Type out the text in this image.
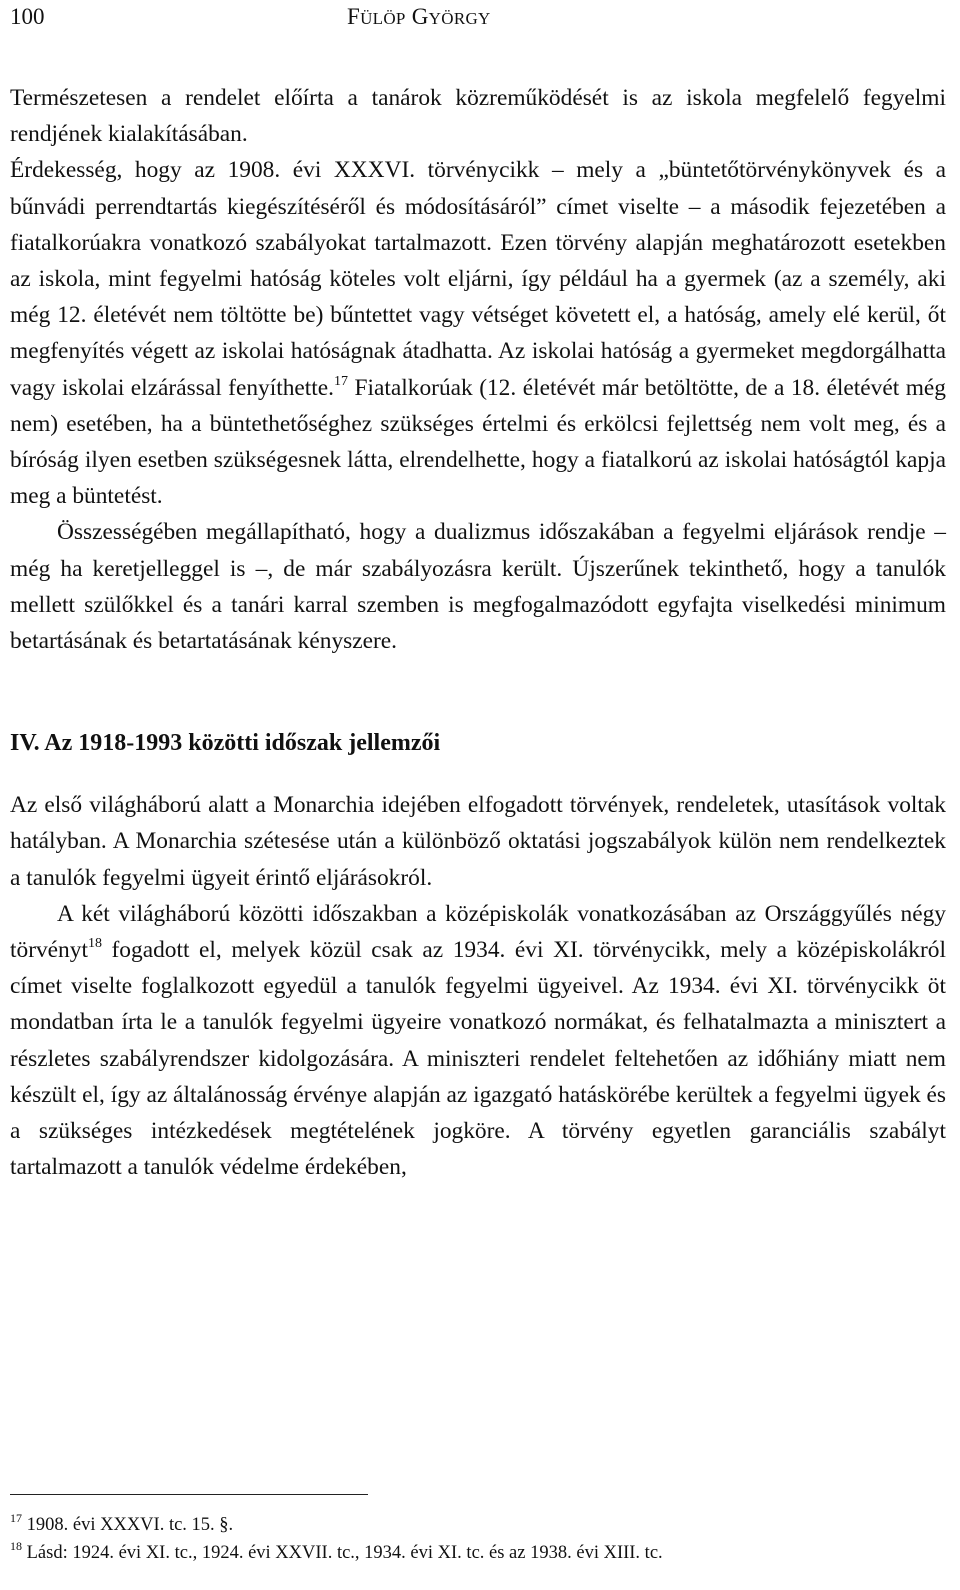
100	FÜLÖP GYÖRGY

Természetesen a rendelet előírta a tanárok közreműködését is az iskola megfelelő fegyelmi rendjének kialakításában.

Érdekesség, hogy az 1908. évi XXXVI. törvénycikk – mely a „büntetőtörvénykönyvek és a bűnvádi perrendtartás kiegészítéséről és módosításáról” címet viselte – a második fejezetében a fiatalkorúakra vonatkozó szabályokat tartalmazott. Ezen törvény alapján meghatározott esetekben az iskola, mint fegyelmi hatóság köteles volt eljárni, így például ha a gyermek (az a személy, aki még 12. életévét nem töltötte be) bűntettet vagy vétséget követett el, a hatóság, amely elé kerül, őt megfenyítés végett az iskolai hatóságnak átadhatta. Az iskolai hatóság a gyermeket megdorgálhatta vagy iskolai elzárással fenyíthette.$^{17}$ Fiatalkorúak (12. életévét már betöltötte, de a 18. életévét még nem) esetében, ha a büntethetőséghez szükséges értelmi és erkölcsi fejlettség nem volt meg, és a bíróság ilyen esetben szükségesnek látta, elrendelhette, hogy a fiatalkorú az iskolai hatóságtól kapja meg a büntetést.

Összességében megállapítható, hogy a dualizmus időszakában a fegyelmi eljárások rendje – még ha keretjelleggel is –, de már szabályozásra került. Újszerűnek tekinthető, hogy a tanulók mellett szülőkkel és a tanári karral szemben is megfogalmazódott egyfajta viselkedési minimum betartásának és betartatásának kényszere.

IV. Az 1918-1993 közötti időszak jellemzői

Az első világháború alatt a Monarchia idejében elfogadott törvények, rendeletek, utasítások voltak hatályban. A Monarchia szétesése után a különböző oktatási jogszabályok külön nem rendelkeztek a tanulók fegyelmi ügyeit érintő eljárásokról.

A két világháború közötti időszakban a középiskolák vonatkozásában az Országgyűlés négy törvényt$^{18}$ fogadott el, melyek közül csak az 1934. évi XI. törvénycikk, mely a középiskolákról címet viselte foglalkozott egyedül a tanulók fegyelmi ügyeivel. Az 1934. évi XI. törvénycikk öt mondatban írta le a tanulók fegyelmi ügyeire vonatkozó normákat, és felhatalmazta a minisztert a részletes szabályrendszer kidolgozására. A miniszteri rendelet feltehetően az időhiány miatt nem készült el, így az általánosság érvénye alapján az igazgató hatáskörébe kerültek a fegyelmi ügyek és a szükséges intézkedések megtételének jogköre. A törvény egyetlen garanciális szabályt tartalmazott a tanulók védelme érdekében,

$^{17}$ 1908. évi XXXVI. tc. 15. §.
$^{18}$ Lásd: 1924. évi XI. tc., 1924. évi XXVII. tc., 1934. évi XI. tc. és az 1938. évi XIII. tc.
